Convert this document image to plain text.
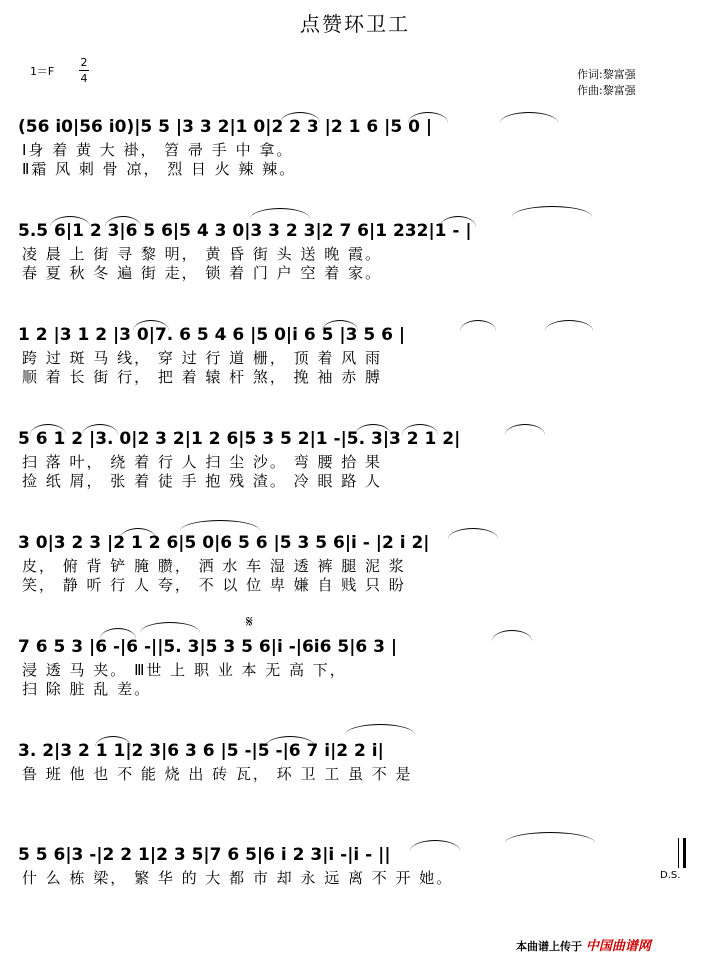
点赞环卫工
1＝F
2
4	作词:黎富强
作曲:黎富强
(56 i0|56 i0)|5 5 |3 3 2|1 0|2 2 3 |2 1 6 |5 0 |
Ⅰ身 着 黄 大 褂， 笤 帚 手 中 拿。
Ⅱ霜 风 刺 骨 凉， 烈 日 火 辣 辣。
5.5 6|1 2 3|6 5 6|5 4 3 0|3 3 2 3|2 7 6|1 232|1 - |
凌 晨 上 街 寻 黎 明， 黄 昏 街 头 送 晚 霞。
春 夏 秋 冬 遍 街 走， 锁 着 门 户 空 着 家。
1 2 |3 1 2 |3 0|7. 6 5 4 6 |5 0|i 6 5 |3 5 6 |
跨 过 斑 马 线， 穿 过 行 道 栅， 顶 着 风 雨
顺 着 长 街 行， 把 着 辕 杆 煞， 挽 袖 赤 膊
5 6 1 2 |3. 0|2 3 2|1 2 6|5 3 5 2|1 -|5. 3|3 2 1 2|
扫 落 叶， 绕 着 行 人 扫 尘 沙。 弯 腰 拾 果
捡 纸 屑， 张 着 徒 手 抱 残 渣。 冷 眼 路 人
3 0|3 2 3 |2 1 2 6|5 0|6 5 6 |5 3 5 6|i - |2 i 2|
皮， 俯 背 铲 腌 臜， 洒 水 车 湿 透 裤 腿 泥 浆
笑， 静 听 行 人 夸， 不 以 位 卑 嫌 自 贱 只 盼
7 6 5 3 |6 -|6 -||5. 3|5 3 5 6|i -|6i6 5|6 3 |
浸 透 马 夹。 Ⅲ世 上 职 业 本 无 高 下，
扫 除 脏 乱 差。
𝄋
3. 2|3 2 1 1|2 3|6 3 6 |5 -|5 -|6 7 i|2 2 i|
鲁 班 他 也 不 能 烧 出 砖 瓦， 环 卫 工 虽 不 是
5 5 6|3 -|2 2 1|2 3 5|7 6 5|6 i 2 3|i -|i - ||
什 么 栋 梁， 繁 华 的 大 都 市 却 永 远 离 不 开 她。	D.S.
本曲谱上传于 中国曲谱网
